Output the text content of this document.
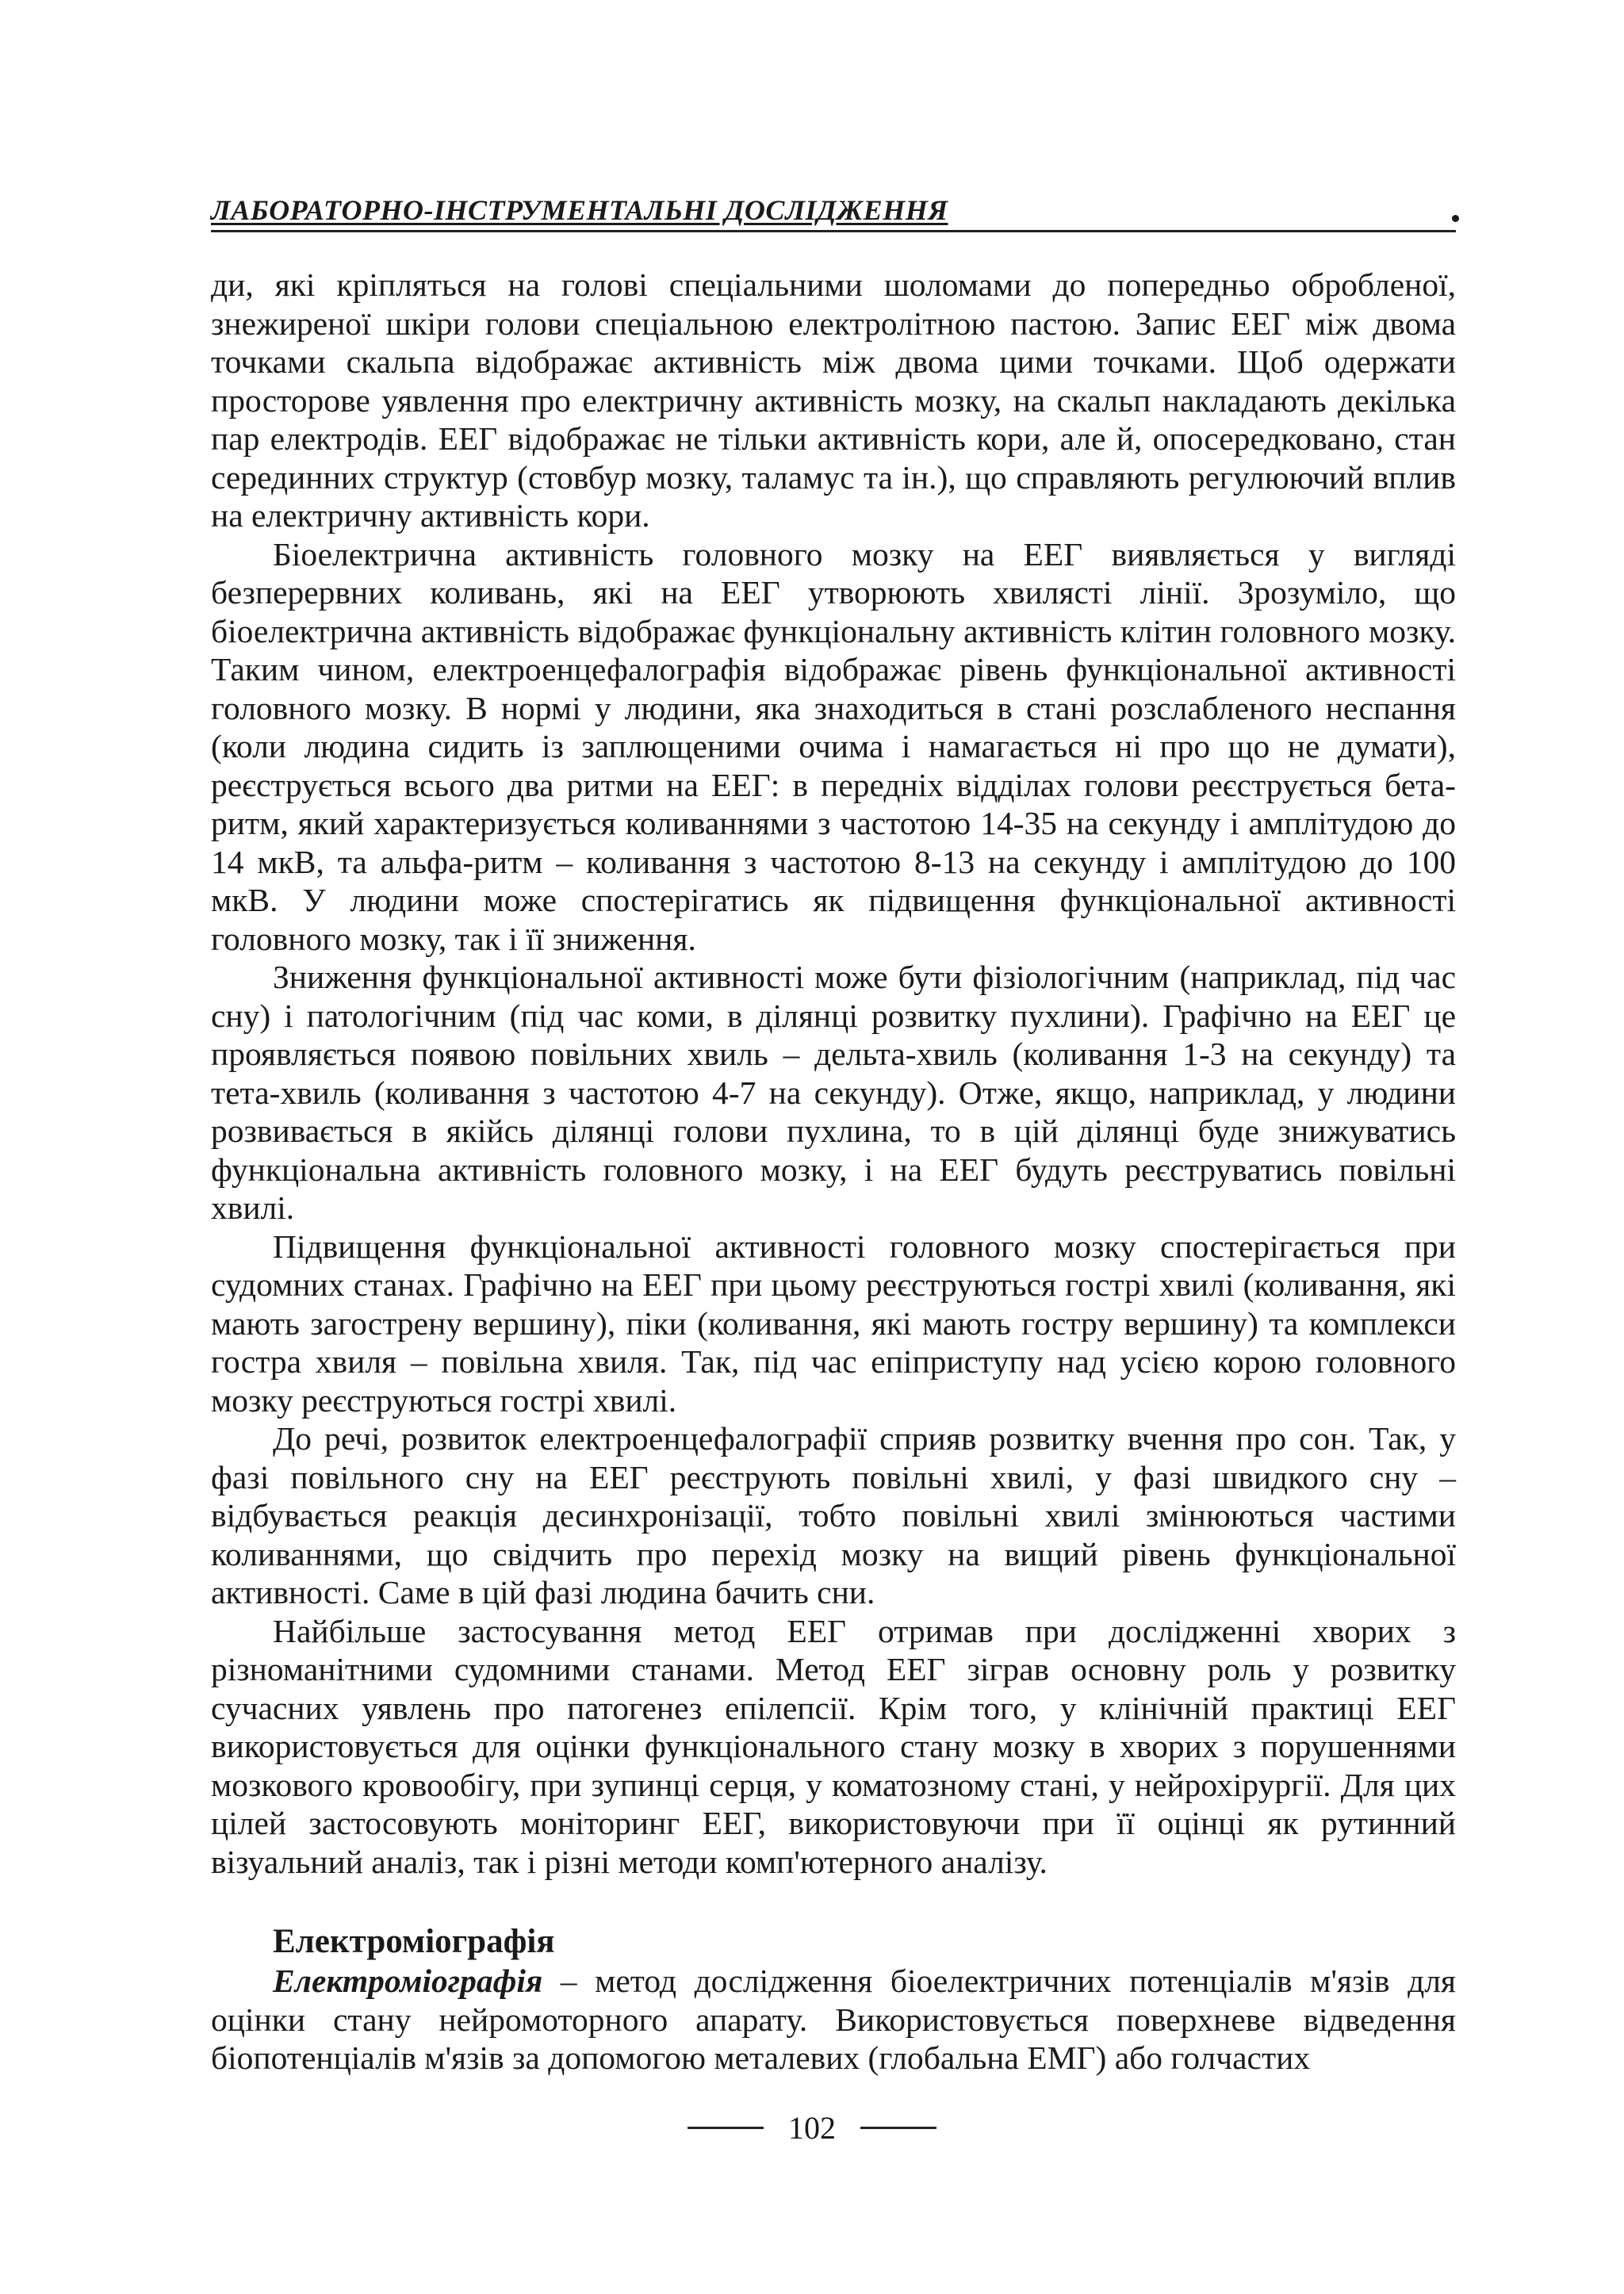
ЛАБОРАТОРНО-ІНСТРУМЕНТАЛЬНІ ДОСЛІДЖЕННЯ

ди, які кріпляться на голові спеціальними шоломами до попередньо обробленої, знежиреної шкіри голови спеціальною електролітною пастою. Запис ЕЕГ між двома точками скальпа відображає активність між двома цими точками. Щоб одержати просторове уявлення про електричну активність мозку, на скальп накладають декілька пар електродів. ЕЕГ відображає не тільки активність кори, але й, опосередковано, стан серединних структур (стовбур мозку, таламус та ін.), що справляють регулюючий вплив на електричну активність кори.

Біоелектрична активність головного мозку на ЕЕГ виявляється у вигляді безперервних коливань, які на ЕЕГ утворюють хвилясті лінії. Зрозуміло, що біоелектрична активність відображає функціональну активність клітин головного мозку. Таким чином, електроенцефалографія відображає рівень функціональної активності головного мозку. В нормі у людини, яка знаходиться в стані розслабленого неспання (коли людина сидить із заплющеними очима і намагається ні про що не думати), реєструється всього два ритми на ЕЕГ: в передніх відділах голови реєструється бета-ритм, який характеризується коливаннями з частотою 14-35 на секунду і амплітудою до 14 мкВ, та альфа-ритм – коливання з частотою 8-13 на секунду і амплітудою до 100 мкВ. У людини може спостерігатись як підвищення функціональної активності головного мозку, так і її зниження.

Зниження функціональної активності може бути фізіологічним (наприклад, під час сну) і патологічним (під час коми, в ділянці розвитку пухлини). Графічно на ЕЕГ це проявляється появою повільних хвиль – дельта-хвиль (коливання 1-3 на секунду) та тета-хвиль (коливання з частотою 4-7 на секунду). Отже, якщо, наприклад, у людини розвивається в якійсь ділянці голови пухлина, то в цій ділянці буде знижуватись функціональна активність головного мозку, і на ЕЕГ будуть реєструватись повільні хвилі.

Підвищення функціональної активності головного мозку спостерігається при судомних станах. Графічно на ЕЕГ при цьому реєструються гострі хвилі (коливання, які мають загострену вершину), піки (коливання, які мають гостру вершину) та комплекси гостра хвиля – повільна хвиля. Так, під час епіприступу над усією корою головного мозку реєструються гострі хвилі.

До речі, розвиток електроенцефалографії сприяв розвитку вчення про сон. Так, у фазі повільного сну на ЕЕГ реєструють повільні хвилі, у фазі швидкого сну – відбувається реакція десинхронізації, тобто повільні хвилі змінюються частими коливаннями, що свідчить про перехід мозку на вищий рівень функціональної активності. Саме в цій фазі людина бачить сни.

Найбільше застосування метод ЕЕГ отримав при дослідженні хворих з різноманітними судомними станами. Метод ЕЕГ зіграв основну роль у розвитку сучасних уявлень про патогенез епілепсії. Крім того, у клінічній практиці ЕЕГ використовується для оцінки функціонального стану мозку в хворих з порушеннями мозкового кровообігу, при зупинці серця, у коматозному стані, у нейрохірургії. Для цих цілей застосовують моніторинг ЕЕГ, використовуючи при її оцінці як рутинний візуальний аналіз, так і різні методи комп'ютерного аналізу.

Електроміографія

Електроміографія – метод дослідження біоелектричних потенціалів м'язів для оцінки стану нейромоторного апарату. Використовується поверхневе відведення біопотенціалів м'язів за допомогою металевих (глобальна ЕМГ) або голчастих

102
